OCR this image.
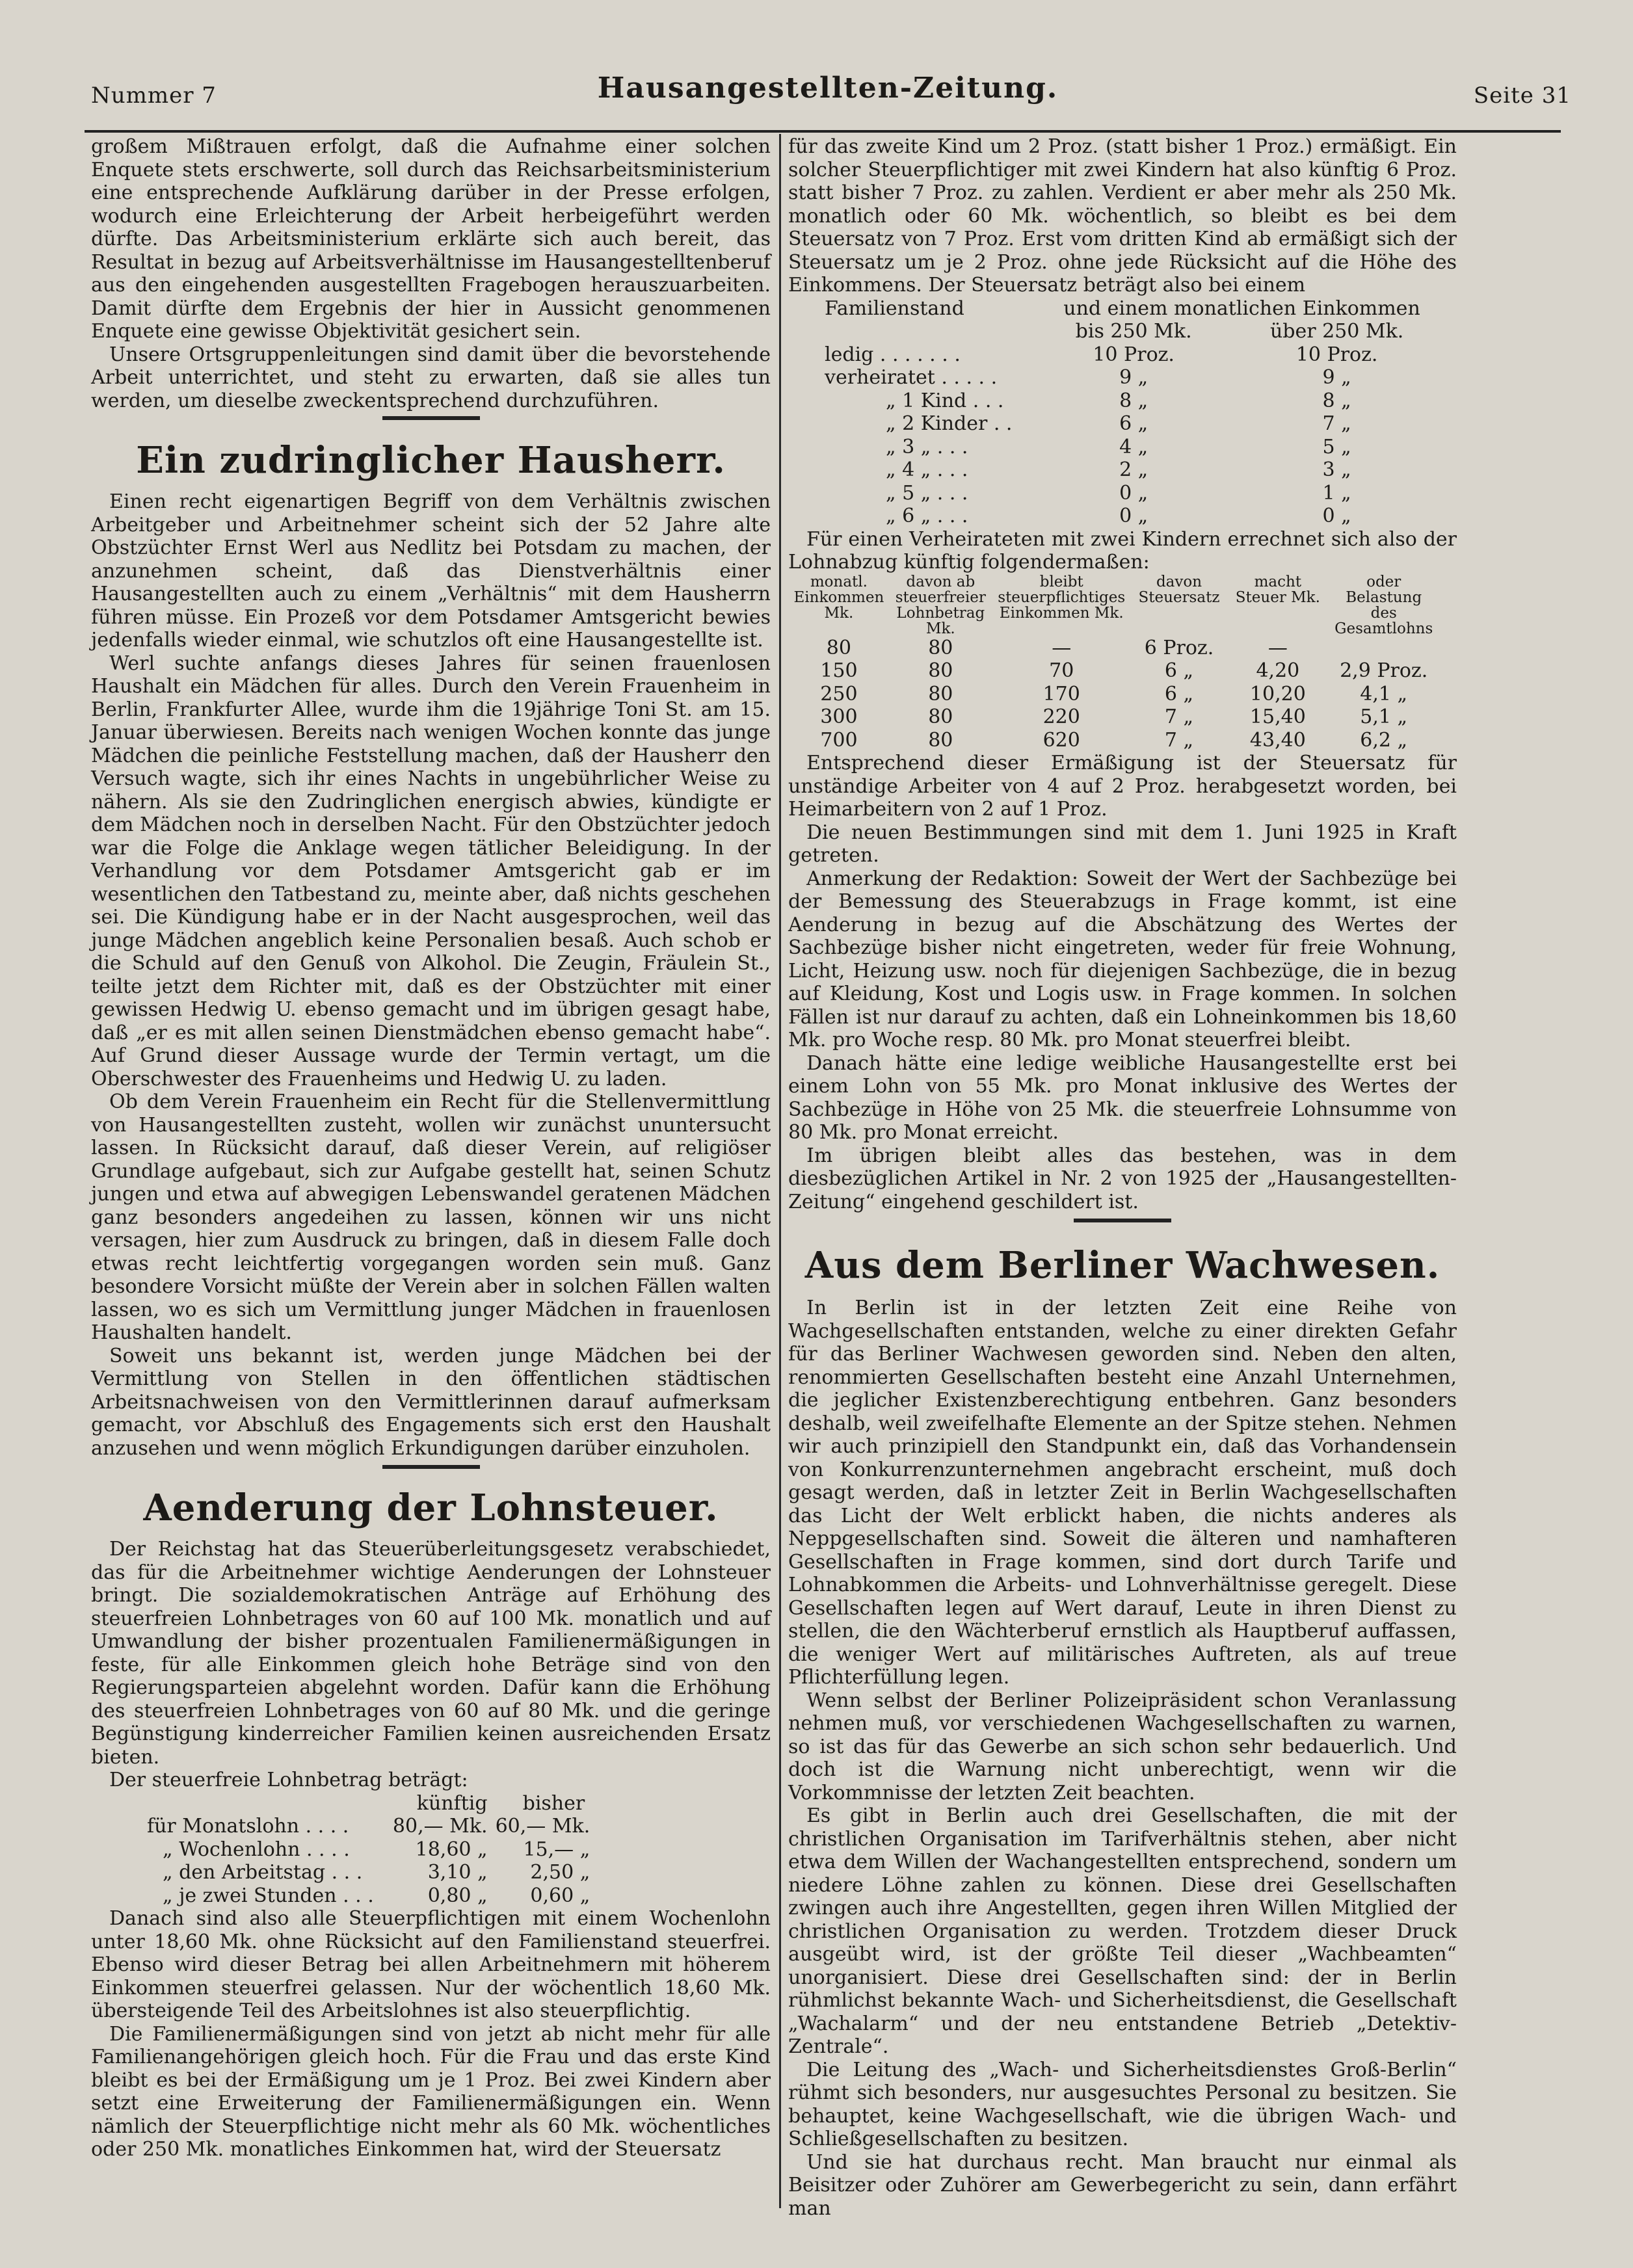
Nummer 7	Hausangestellten-Zeitung.	Seite 31

großem Mißtrauen erfolgt, daß die Aufnahme einer solchen Enquete stets erschwerte, soll durch das Reichsarbeitsministerium eine entsprechende Aufklärung darüber in der Presse erfolgen, wodurch eine Erleichterung der Arbeit herbeigeführt werden dürfte. Das Arbeitsministerium erklärte sich auch bereit, das Resultat in bezug auf Arbeitsverhältnisse im Hausangestelltenberuf aus den eingehenden ausgestellten Fragebogen herauszuarbeiten. Damit dürfte dem Ergebnis der hier in Aussicht genommenen Enquete eine gewisse Objektivität gesichert sein.

Unsere Ortsgruppenleitungen sind damit über die bevorstehende Arbeit unterrichtet, und steht zu erwarten, daß sie alles tun werden, um dieselbe zweckentsprechend durchzuführen.

Ein zudringlicher Hausherr.

Einen recht eigenartigen Begriff von dem Verhältnis zwischen Arbeitgeber und Arbeitnehmer scheint sich der 52 Jahre alte Obstzüchter Ernst Werl aus Nedlitz bei Potsdam zu machen, der anzunehmen scheint, daß das Dienstverhältnis einer Hausangestellten auch zu einem „Verhältnis“ mit dem Hausherrn führen müsse. Ein Prozeß vor dem Potsdamer Amtsgericht bewies jedenfalls wieder einmal, wie schutzlos oft eine Hausangestellte ist.

Werl suchte anfangs dieses Jahres für seinen frauenlosen Haushalt ein Mädchen für alles. Durch den Verein Frauenheim in Berlin, Frankfurter Allee, wurde ihm die 19jährige Toni St. am 15. Januar überwiesen. Bereits nach wenigen Wochen konnte das junge Mädchen die peinliche Feststellung machen, daß der Hausherr den Versuch wagte, sich ihr eines Nachts in ungebührlicher Weise zu nähern. Als sie den Zudringlichen energisch abwies, kündigte er dem Mädchen noch in derselben Nacht. Für den Obstzüchter jedoch war die Folge die Anklage wegen tätlicher Beleidigung. In der Verhandlung vor dem Potsdamer Amtsgericht gab er im wesentlichen den Tatbestand zu, meinte aber, daß nichts geschehen sei. Die Kündigung habe er in der Nacht ausgesprochen, weil das junge Mädchen angeblich keine Personalien besaß. Auch schob er die Schuld auf den Genuß von Alkohol. Die Zeugin, Fräulein St., teilte jetzt dem Richter mit, daß es der Obstzüchter mit einer gewissen Hedwig U. ebenso gemacht und im übrigen gesagt habe, daß „er es mit allen seinen Dienstmädchen ebenso gemacht habe“. Auf Grund dieser Aussage wurde der Termin vertagt, um die Oberschwester des Frauenheims und Hedwig U. zu laden.

Ob dem Verein Frauenheim ein Recht für die Stellenvermittlung von Hausangestellten zusteht, wollen wir zunächst ununtersucht lassen. In Rücksicht darauf, daß dieser Verein, auf religiöser Grundlage aufgebaut, sich zur Aufgabe gestellt hat, seinen Schutz jungen und etwa auf abwegigen Lebenswandel geratenen Mädchen ganz besonders angedeihen zu lassen, können wir uns nicht versagen, hier zum Ausdruck zu bringen, daß in diesem Falle doch etwas recht leichtfertig vorgegangen worden sein muß. Ganz besondere Vorsicht müßte der Verein aber in solchen Fällen walten lassen, wo es sich um Vermittlung junger Mädchen in frauenlosen Haushalten handelt.

Soweit uns bekannt ist, werden junge Mädchen bei der Vermittlung von Stellen in den öffentlichen städtischen Arbeitsnachweisen von den Vermittlerinnen darauf aufmerksam gemacht, vor Abschluß des Engagements sich erst den Haushalt anzusehen und wenn möglich Erkundigungen darüber einzuholen.

Aenderung der Lohnsteuer.

Der Reichstag hat das Steuerüberleitungsgesetz verabschiedet, das für die Arbeitnehmer wichtige Aenderungen der Lohnsteuer bringt. Die sozialdemokratischen Anträge auf Erhöhung des steuerfreien Lohnbetrages von 60 auf 100 Mk. monatlich und auf Umwandlung der bisher prozentualen Familienermäßigungen in feste, für alle Einkommen gleich hohe Beträge sind von den Regierungsparteien abgelehnt worden. Dafür kann die Erhöhung des steuerfreien Lohnbetrages von 60 auf 80 Mk. und die geringe Begünstigung kinderreicher Familien keinen ausreichenden Ersatz bieten.

Der steuerfreie Lohnbetrag beträgt:

	künftig	bisher
für Monatslohn . . . .	80,— Mk.	60,— Mk.
„ Wochenlohn . . . .	18,60 „	15,— „
„ den Arbeitstag . . .	3,10 „	2,50 „
„ je zwei Stunden . . .	0,80 „	0,60 „

Danach sind also alle Steuerpflichtigen mit einem Wochenlohn unter 18,60 Mk. ohne Rücksicht auf den Familienstand steuerfrei. Ebenso wird dieser Betrag bei allen Arbeitnehmern mit höherem Einkommen steuerfrei gelassen. Nur der wöchentlich 18,60 Mk. übersteigende Teil des Arbeitslohnes ist also steuerpflichtig.

Die Familienermäßigungen sind von jetzt ab nicht mehr für alle Familienangehörigen gleich hoch. Für die Frau und das erste Kind bleibt es bei der Ermäßigung um je 1 Proz. Bei zwei Kindern aber setzt eine Erweiterung der Familienermäßigungen ein. Wenn nämlich der Steuerpflichtige nicht mehr als 60 Mk. wöchentliches oder 250 Mk. monatliches Einkommen hat, wird der Steuersatz

für das zweite Kind um 2 Proz. (statt bisher 1 Proz.) ermäßigt. Ein solcher Steuerpflichtiger mit zwei Kindern hat also künftig 6 Proz. statt bisher 7 Proz. zu zahlen. Verdient er aber mehr als 250 Mk. monatlich oder 60 Mk. wöchentlich, so bleibt es bei dem Steuersatz von 7 Proz. Erst vom dritten Kind ab ermäßigt sich der Steuersatz um je 2 Proz. ohne jede Rücksicht auf die Höhe des Einkommens. Der Steuersatz beträgt also bei einem

Familienstand	und einem monatlichen Einkommen	
	bis 250 Mk.	über 250 Mk.
ledig . . . . . . .	10 Proz.	10 Proz.
verheiratet . . . . .	9 „	9 „
„ 1 Kind . . .	8 „	8 „
„ 2 Kinder . .	6 „	7 „
„ 3 „ . . .	4 „	5 „
„ 4 „ . . .	2 „	3 „
„ 5 „ . . .	0 „	1 „
„ 6 „ . . .	0 „	0 „

Für einen Verheirateten mit zwei Kindern errechnet sich also der Lohnabzug künftig folgendermaßen:

monatl. Einkommen Mk.	davon ab steuerfreier Lohnbetrag Mk.	bleibt steuerpflichtiges Einkommen Mk.	davon Steuersatz	macht Steuer Mk.	oder Belastung des Gesamtlohns
80	80	—	6 Proz.	—	
150	80	70	6 „	4,20	2,9 Proz.
250	80	170	6 „	10,20	4,1 „
300	80	220	7 „	15,40	5,1 „
700	80	620	7 „	43,40	6,2 „

Entsprechend dieser Ermäßigung ist der Steuersatz für unständige Arbeiter von 4 auf 2 Proz. herabgesetzt worden, bei Heimarbeitern von 2 auf 1 Proz.

Die neuen Bestimmungen sind mit dem 1. Juni 1925 in Kraft getreten.

Anmerkung der Redaktion: Soweit der Wert der Sachbezüge bei der Bemessung des Steuerabzugs in Frage kommt, ist eine Aenderung in bezug auf die Abschätzung des Wertes der Sachbezüge bisher nicht eingetreten, weder für freie Wohnung, Licht, Heizung usw. noch für diejenigen Sachbezüge, die in bezug auf Kleidung, Kost und Logis usw. in Frage kommen. In solchen Fällen ist nur darauf zu achten, daß ein Lohneinkommen bis 18,60 Mk. pro Woche resp. 80 Mk. pro Monat steuerfrei bleibt.

Danach hätte eine ledige weibliche Hausangestellte erst bei einem Lohn von 55 Mk. pro Monat inklusive des Wertes der Sachbezüge in Höhe von 25 Mk. die steuerfreie Lohnsumme von 80 Mk. pro Monat erreicht.

Im übrigen bleibt alles das bestehen, was in dem diesbezüglichen Artikel in Nr. 2 von 1925 der „Hausangestellten-Zeitung“ eingehend geschildert ist.

Aus dem Berliner Wachwesen.

In Berlin ist in der letzten Zeit eine Reihe von Wachgesellschaften entstanden, welche zu einer direkten Gefahr für das Berliner Wachwesen geworden sind. Neben den alten, renommierten Gesellschaften besteht eine Anzahl Unternehmen, die jeglicher Existenzberechtigung entbehren. Ganz besonders deshalb, weil zweifelhafte Elemente an der Spitze stehen. Nehmen wir auch prinzipiell den Standpunkt ein, daß das Vorhandensein von Konkurrenzunternehmen angebracht erscheint, muß doch gesagt werden, daß in letzter Zeit in Berlin Wachgesellschaften das Licht der Welt erblickt haben, die nichts anderes als Neppgesellschaften sind. Soweit die älteren und namhafteren Gesellschaften in Frage kommen, sind dort durch Tarife und Lohnabkommen die Arbeits- und Lohnverhältnisse geregelt. Diese Gesellschaften legen auf Wert darauf, Leute in ihren Dienst zu stellen, die den Wächterberuf ernstlich als Hauptberuf auffassen, die weniger Wert auf militärisches Auftreten, als auf treue Pflichterfüllung legen.

Wenn selbst der Berliner Polizeipräsident schon Veranlassung nehmen muß, vor verschiedenen Wachgesellschaften zu warnen, so ist das für das Gewerbe an sich schon sehr bedauerlich. Und doch ist die Warnung nicht unberechtigt, wenn wir die Vorkommnisse der letzten Zeit beachten.

Es gibt in Berlin auch drei Gesellschaften, die mit der christlichen Organisation im Tarifverhältnis stehen, aber nicht etwa dem Willen der Wachangestellten entsprechend, sondern um niedere Löhne zahlen zu können. Diese drei Gesellschaften zwingen auch ihre Angestellten, gegen ihren Willen Mitglied der christlichen Organisation zu werden. Trotzdem dieser Druck ausgeübt wird, ist der größte Teil dieser „Wachbeamten“ unorganisiert. Diese drei Gesellschaften sind: der in Berlin rühmlichst bekannte Wach- und Sicherheitsdienst, die Gesellschaft „Wachalarm“ und der neu entstandene Betrieb „Detektiv-Zentrale“.

Die Leitung des „Wach- und Sicherheitsdienstes Groß-Berlin“ rühmt sich besonders, nur ausgesuchtes Personal zu besitzen. Sie behauptet, keine Wachgesellschaft, wie die übrigen Wach- und Schließgesellschaften zu besitzen.

Und sie hat durchaus recht. Man braucht nur einmal als Beisitzer oder Zuhörer am Gewerbegericht zu sein, dann erfährt man
